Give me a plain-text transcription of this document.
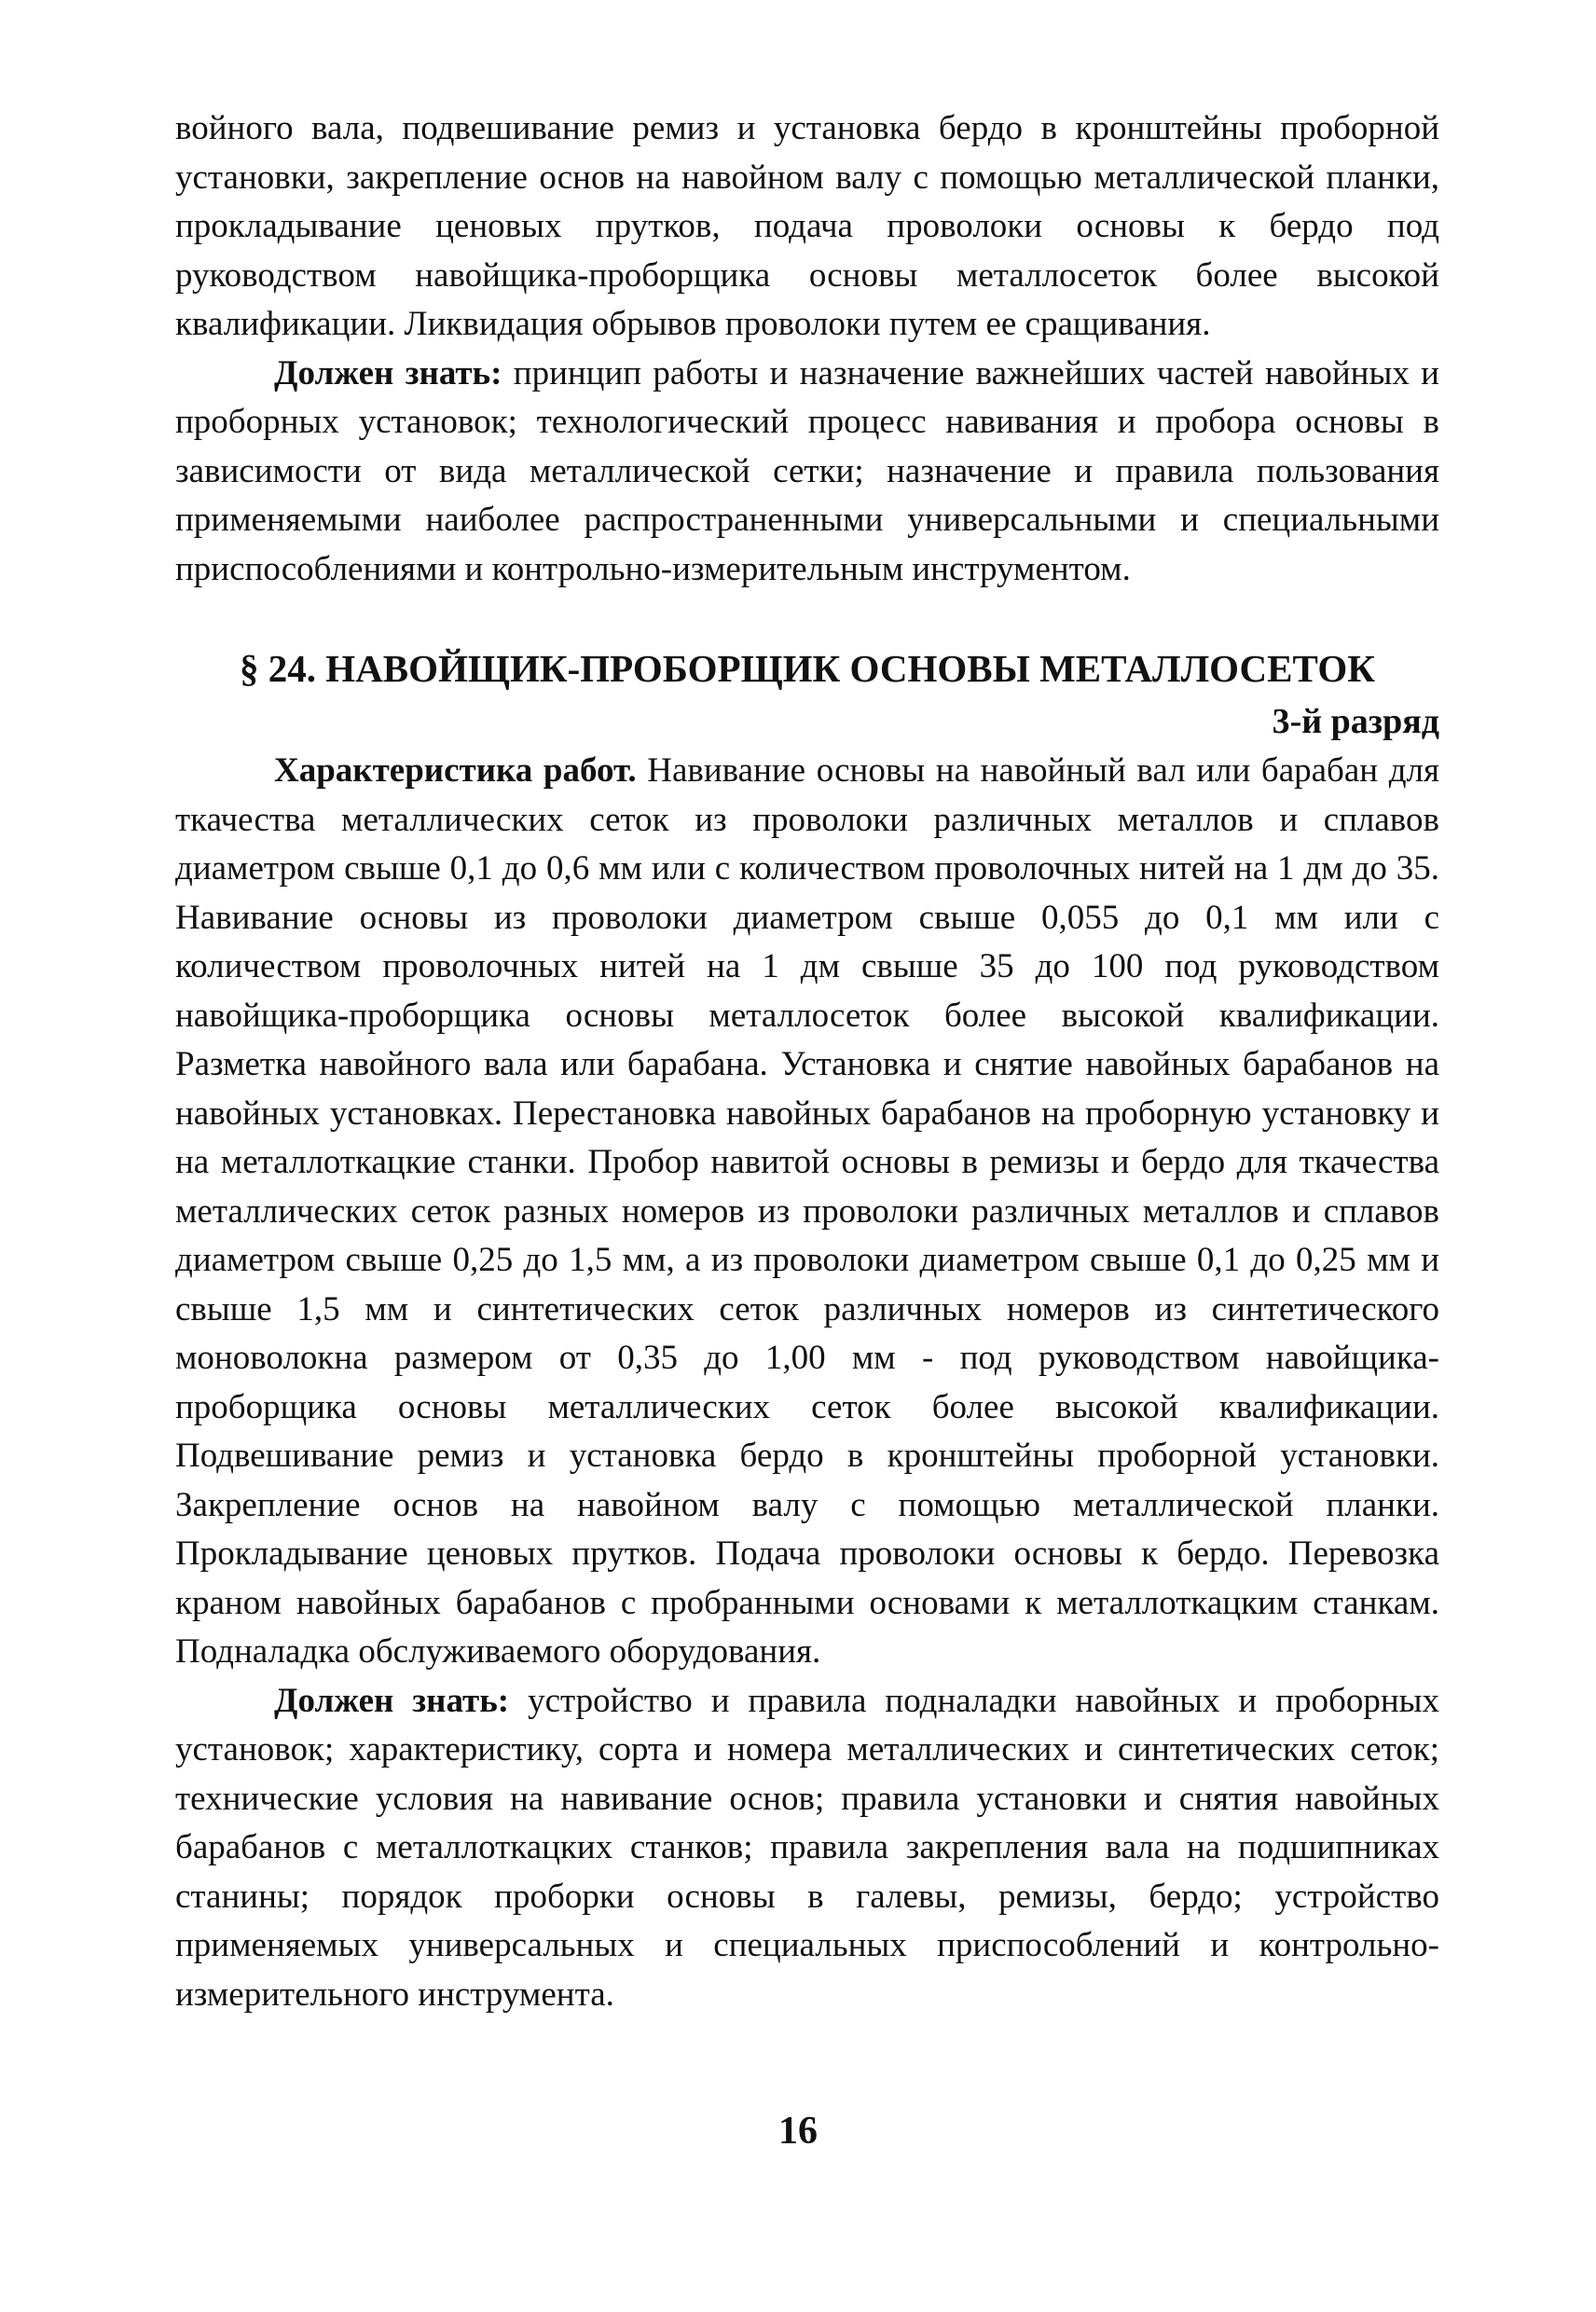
войного вала, подвешивание ремиз и установка бердо в кронштейны проборной установки, закрепление основ на навойном валу с помощью металлической планки, прокладывание ценовых прутков, подача проволоки основы к бердо под руководством навойщика-проборщика основы металлосеток более высокой квалификации. Ликвидация обрывов проволоки путем ее сращивания.

Должен знать: принцип работы и назначение важнейших частей навойных и проборных установок; технологический процесс навивания и пробора основы в зависимости от вида металлической сетки; назначение и правила пользования применяемыми наиболее распространенными универсальными и специальными приспособлениями и контрольно-измерительным инструментом.

§ 24. НАВОЙЩИК-ПРОБОРЩИК ОСНОВЫ МЕТАЛЛОСЕТОК

3-й разряд

Характеристика работ. Навивание основы на навойный вал или барабан для ткачества металлических сеток из проволоки различных металлов и сплавов диаметром свыше 0,1 до 0,6 мм или с количеством проволочных нитей на 1 дм до 35. Навивание основы из проволоки диаметром свыше 0,055 до 0,1 мм или с количеством проволочных нитей на 1 дм свыше 35 до 100 под руководством навойщика-проборщика основы металлосеток более высокой квалификации. Разметка навойного вала или барабана. Установка и снятие навойных барабанов на навойных установках. Перестановка навойных барабанов на проборную установку и на металлоткацкие станки. Пробор навитой основы в ремизы и бердо для ткачества металлических сеток разных номеров из проволоки различных металлов и сплавов диаметром свыше 0,25 до 1,5 мм, а из проволоки диаметром свыше 0,1 до 0,25 мм и свыше 1,5 мм и синтетических сеток различных номеров из синтетического моноволокна размером от 0,35 до 1,00 мм - под руководством навойщика-проборщика основы металлических сеток более высокой квалификации. Подвешивание ремиз и установка бердо в кронштейны проборной установки. Закрепление основ на навойном валу с помощью металлической планки. Прокладывание ценовых прутков. Подача проволоки основы к бердо. Перевозка краном навойных барабанов с пробранными основами к металлоткацким станкам. Подналадка обслуживаемого оборудования.

Должен знать: устройство и правила подналадки навойных и проборных установок; характеристику, сорта и номера металлических и синтетических сеток; технические условия на навивание основ; правила установки и снятия навойных барабанов с металлоткацких станков; правила закрепления вала на подшипниках станины; порядок проборки основы в галевы, ремизы, бердо; устройство применяемых универсальных и специальных приспособлений и контрольно-измерительного инструмента.

16
